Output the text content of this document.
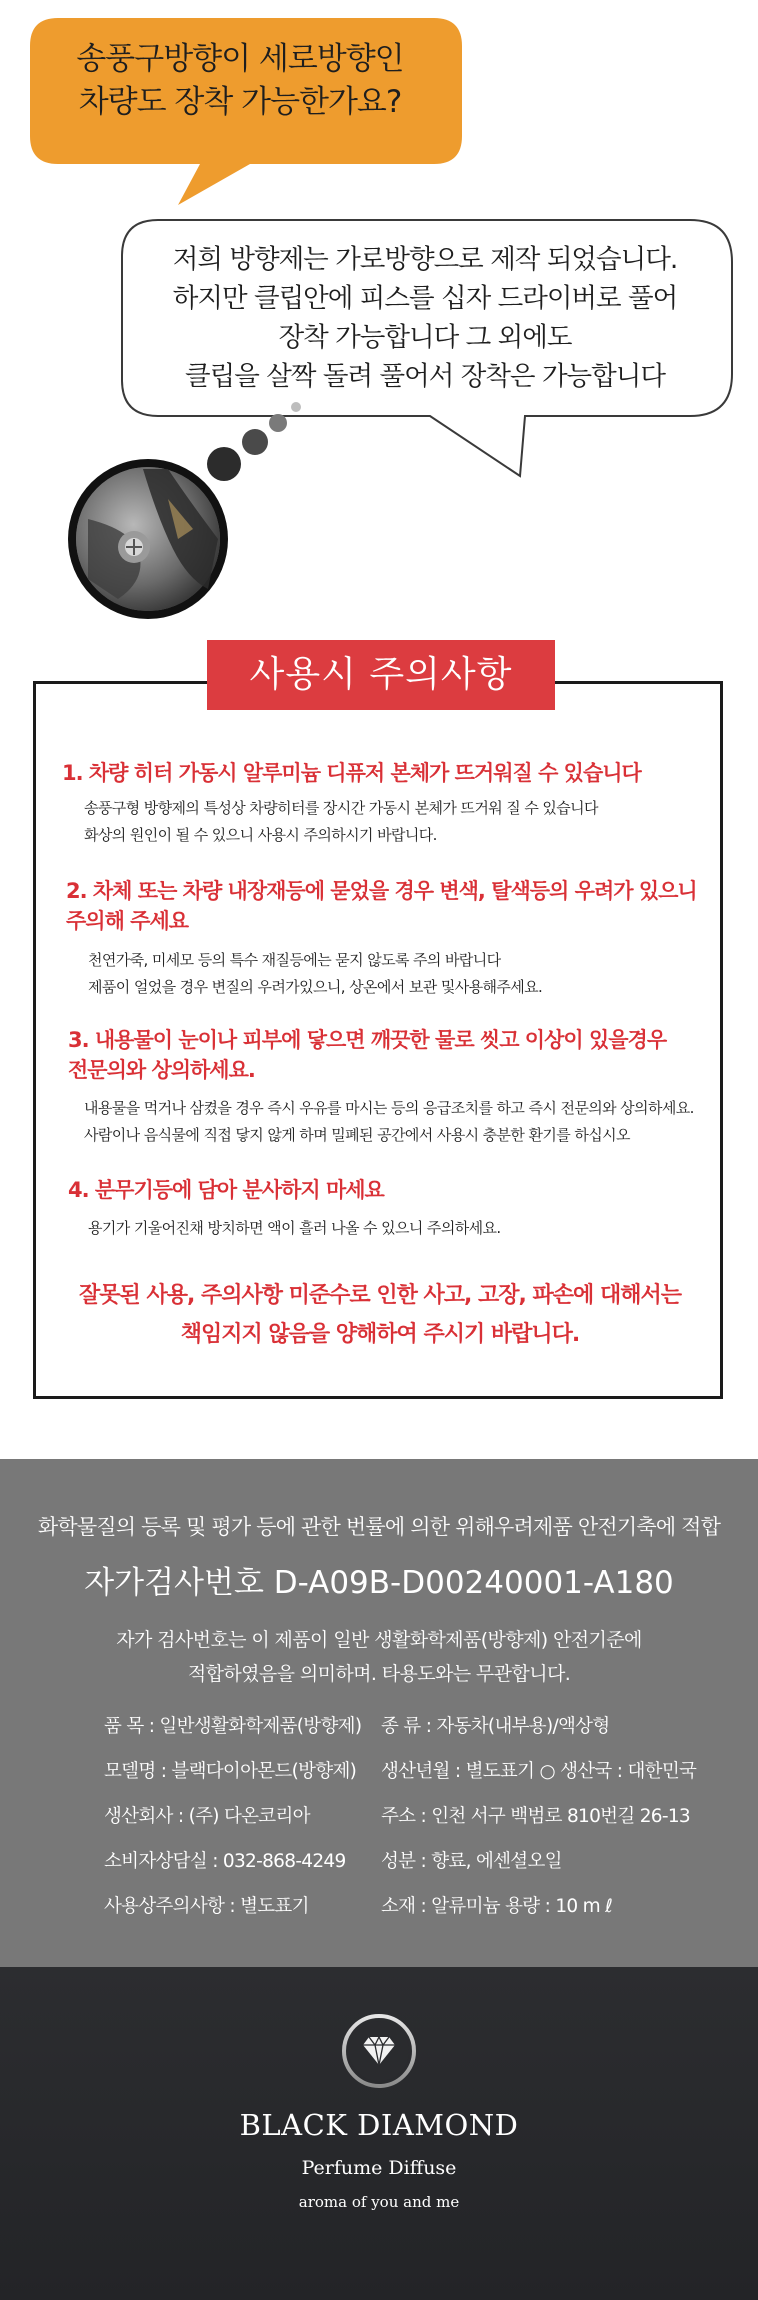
송풍구방향이 세로방향인
차량도 장착 가능한가요?
저희 방향제는 가로방향으로 제작 되었습니다.
하지만 클립안에 피스를 십자 드라이버로 풀어
장착 가능합니다 그 외에도
클립을 살짝 돌려 풀어서 장착은 가능합니다
사용시 주의사항
1. 차량 히터 가동시 알루미늄 디퓨저 본체가 뜨거워질 수 있습니다
송풍구형 방향제의 특성상 차량히터를 장시간 가동시 본체가 뜨거워 질 수 있습니다
화상의 원인이 될 수 있으니 사용시 주의하시기 바랍니다.
2. 차체 또는 차량 내장재등에 묻었을 경우 변색, 탈색등의 우려가 있으니
주의해 주세요
천연가죽, 미세모 등의 특수 재질등에는 묻지 않도록 주의 바랍니다
제품이 얼었을 경우 변질의 우려가있으니, 상온에서 보관 및사용해주세요.
3. 내용물이 눈이나 피부에 닿으면 깨끗한 물로 씻고 이상이 있을경우
전문의와 상의하세요.
내용물을 먹거나 삼켰을 경우 즉시 우유를 마시는 등의 응급조치를 하고 즉시 전문의와 상의하세요.
사람이나 음식물에 직접 닿지 않게 하며 밀폐된 공간에서 사용시 충분한 환기를 하십시오
4. 분무기등에 담아 분사하지 마세요
용기가 기울어진채 방치하면 액이 흘러 나올 수 있으니 주의하세요.
잘못된 사용, 주의사항 미준수로 인한 사고, 고장, 파손에 대해서는
책임지지 않음을 양해하여 주시기 바랍니다.
화학물질의 등록 및 평가 등에 관한 번률에 의한 위해우려제품 안전기축에 적합
자가검사번호 D-A09B-D00240001-A180
자가 검사번호는 이 제품이 일반 생활화학제품(방향제) 안전기준에
적합하였음을 의미하며. 타용도와는 무관합니다.
품 목 : 일반생활화학제품(방향제)
모델명 : 블랙다이아몬드(방향제)
생산회사 : (주) 다온코리아
소비자상담실 : 032-868-4249
사용상주의사항 : 별도표기
종 류 : 자동차(내부용)/액상형
생산년월 : 별도표기 ○ 생산국 : 대한민국
주소 : 인천 서구 백범로 810번길 26-13
성분 : 향료, 에센셜오일
소재 : 알류미늄 용량 : 10 m ℓ
BLACK DIAMOND
Perfume Diffuse
aroma of you and me
